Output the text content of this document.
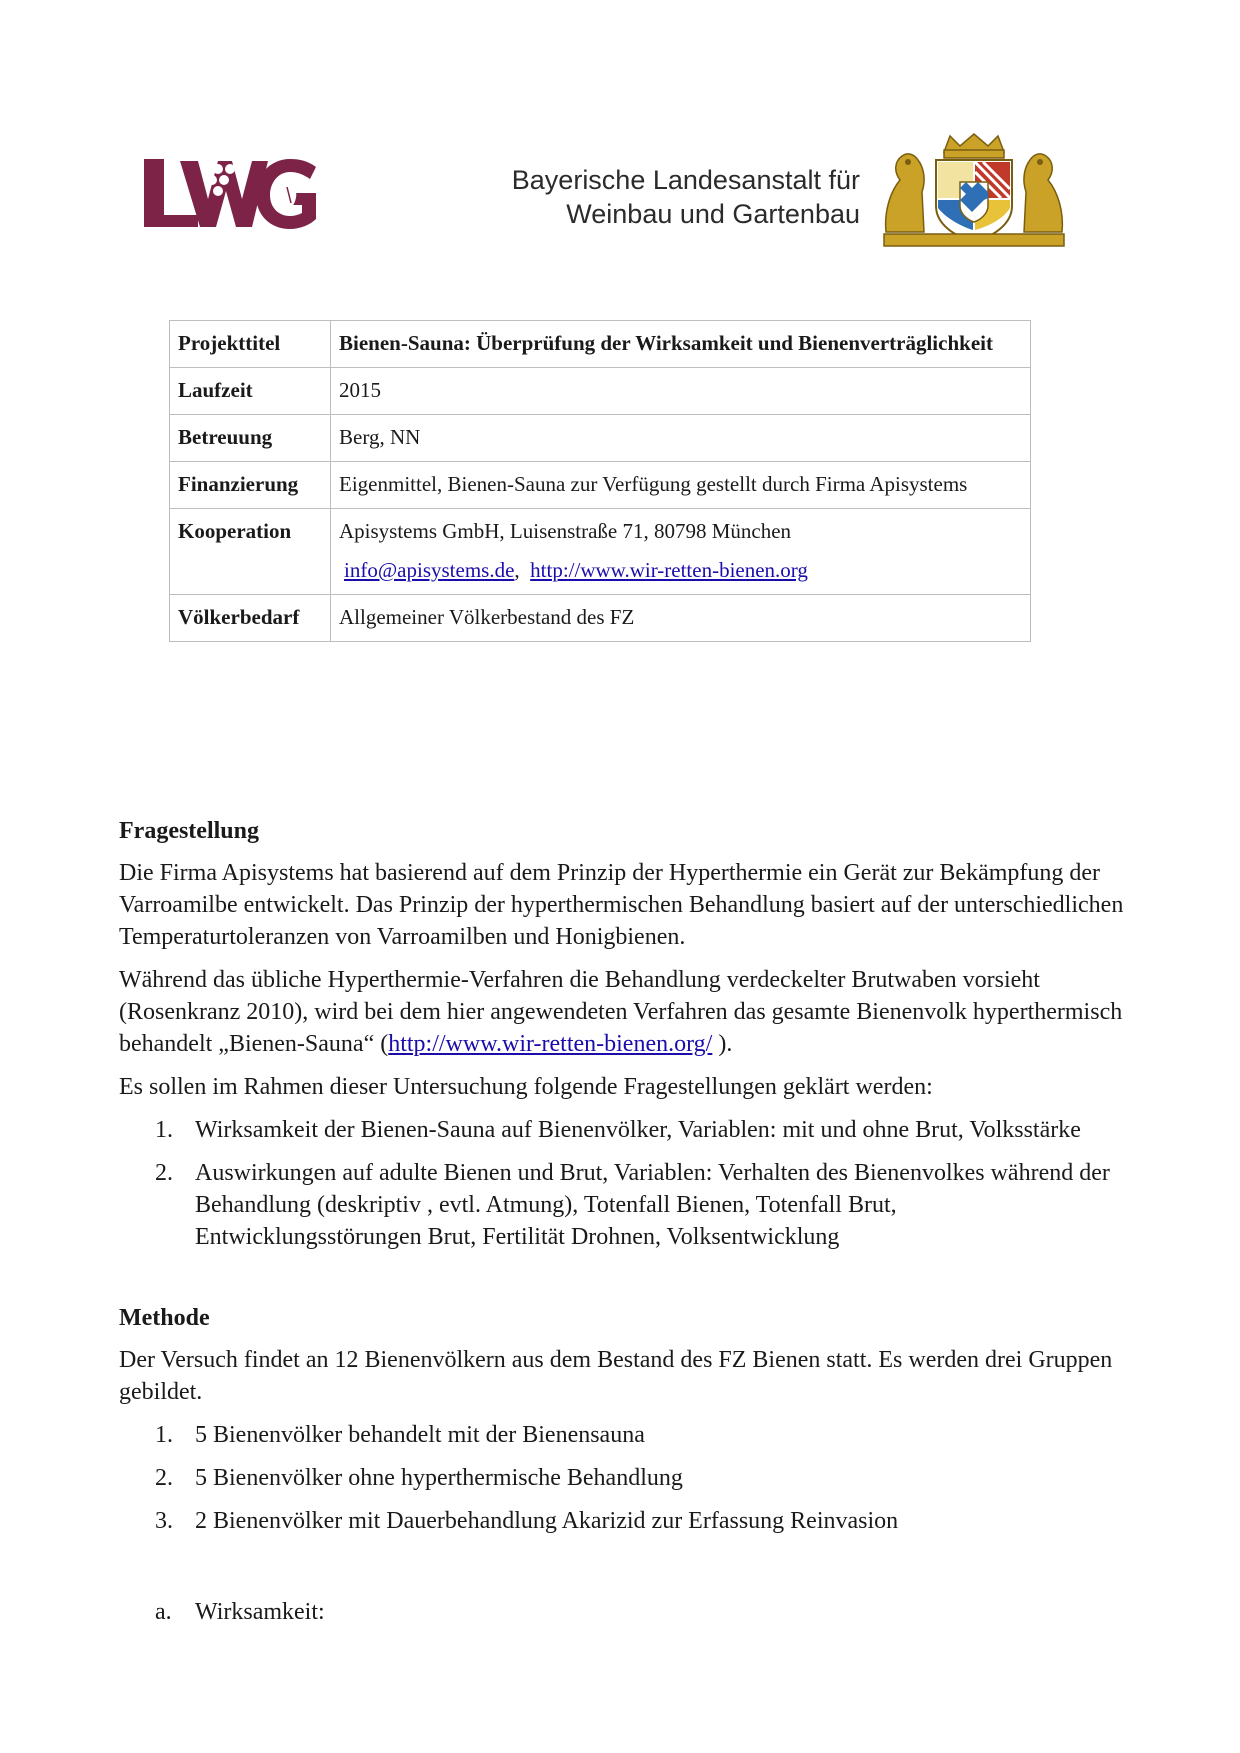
Bayerische Landesanstalt für
Weinbau und Gartenbau
Projekttitel	Bienen-Sauna: Überprüfung der Wirksamkeit und Bienenverträglichkeit
Laufzeit	2015
Betreuung	Berg, NN
Finanzierung	Eigenmittel, Bienen-Sauna zur Verfügung gestellt durch Firma Apisystems
Kooperation	Apisystems GmbH, Luisenstraße 71, 80798 München
info@apisystems.de, http://www.wir-retten-bienen.org

Völkerbedarf	Allgemeiner Völkerbestand des FZ
Fragestellung

Die Firma Apisystems hat basierend auf dem Prinzip der Hyperthermie ein Gerät zur Bekämpfung der Varroamilbe entwickelt. Das Prinzip der hyperthermischen Behandlung basiert auf der unterschiedlichen Temperaturtoleranzen von Varroamilben und Honigbienen.

Während das übliche Hyperthermie-Verfahren die Behandlung verdeckelter Brutwaben vorsieht (Rosenkranz 2010), wird bei dem hier angewendeten Verfahren das gesamte Bienenvolk hyperthermisch behandelt „Bienen-Sauna“ (http://www.wir-retten-bienen.org/ ).

Es sollen im Rahmen dieser Untersuchung folgende Fragestellungen geklärt werden:

1. Wirksamkeit der Bienen-Sauna auf Bienenvölker, Variablen: mit und ohne Brut, Volksstärke
2. Auswirkungen auf adulte Bienen und Brut, Variablen: Verhalten des Bienenvolkes während der Behandlung (deskriptiv , evtl. Atmung), Totenfall Bienen, Totenfall Brut, Entwicklungsstörungen Brut, Fertilität Drohnen, Volksentwicklung
Methode

Der Versuch findet an 12 Bienenvölkern aus dem Bestand des FZ Bienen statt. Es werden drei Gruppen gebildet.

1. 5 Bienenvölker behandelt mit der Bienensauna
2. 5 Bienenvölker ohne hyperthermische Behandlung
3. 2 Bienenvölker mit Dauerbehandlung Akarizid zur Erfassung Reinvasion
a. Wirksamkeit:
